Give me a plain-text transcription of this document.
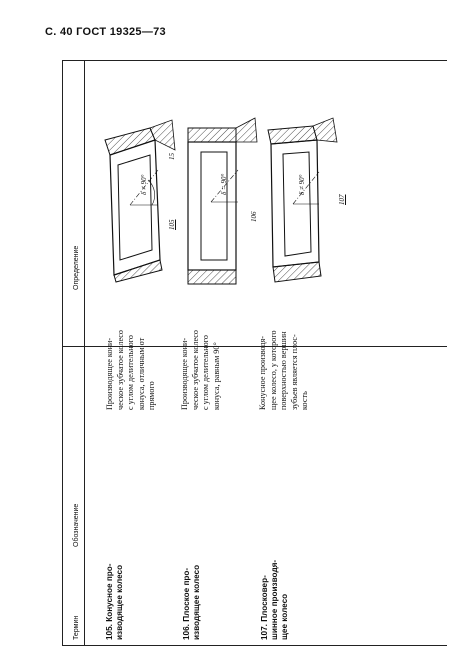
С. 40 ГОСТ 19325—73
Термин
Обозначение
Определение
105. Конусное про-
изводящее колесо
Производящее кони-
ческое зубчатое колесо
с углом делительного
конуса, отличным от
прямого
106. Плоское про-
изводящее колесо
Производящее кони-
ческое зубчатое колесо
с углом делительного
конуса, равным 90°
107. Плосковер-
шинное производя-
щее колесо
Конусное производя-
щее колесо, у которого
поверхностью вершин
зубьев является плос-
кость
δ ≠ 90°
105
15
δ = 90°
106
δ ≠ 90°
107
